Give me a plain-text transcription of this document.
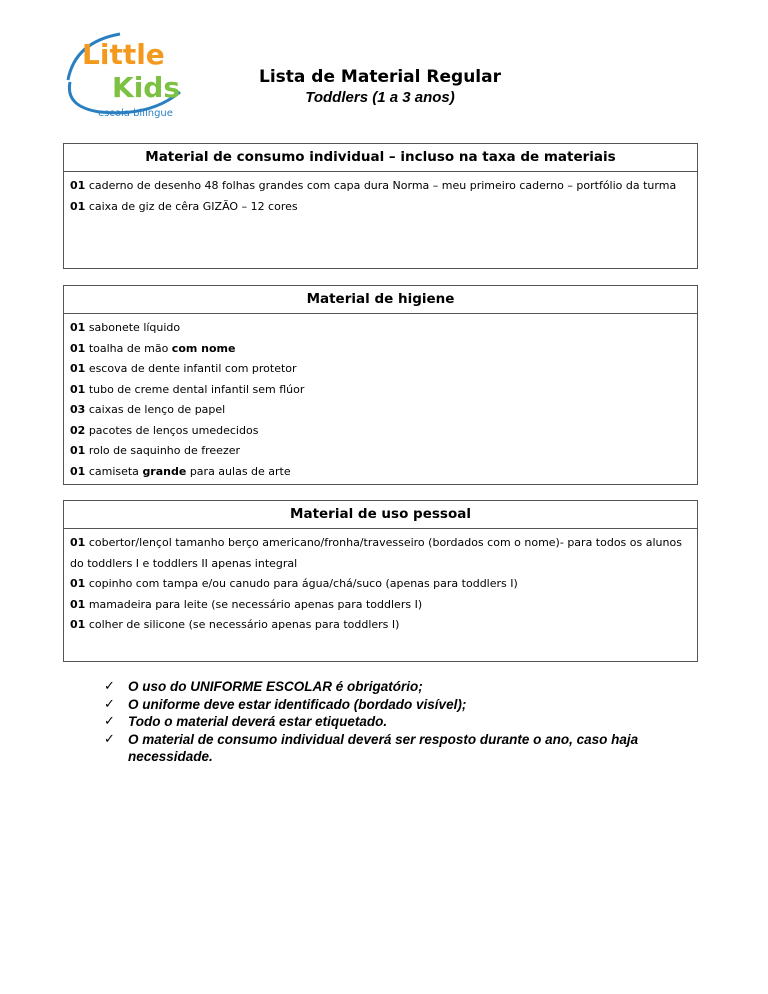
Little
Kids
escola bilingue

Lista de Material Regular

Toddlers (1 a 3 anos)

Material de consumo individual – incluso na taxa de materiais
01 caderno de desenho 48 folhas grandes com capa dura Norma – meu primeiro caderno – portfólio da turma
01 caixa de giz de cêra GIZÃO – 12 cores
Material de higiene
01 sabonete líquido
01 toalha de mão com nome
01 escova de dente infantil com protetor
01 tubo de creme dental infantil sem flúor
03 caixas de lenço de papel
02 pacotes de lenços umedecidos
01 rolo de saquinho de freezer
01 camiseta grande para aulas de arte
Material de uso pessoal
01 cobertor/lençol tamanho berço americano/fronha/travesseiro (bordados com o nome)- para todos os alunos do toddlers I e toddlers II apenas integral
01 copinho com tampa e/ou canudo para água/chá/suco (apenas para toddlers I)
01 mamadeira para leite (se necessário apenas para toddlers I)
01 colher de silicone (se necessário apenas para toddlers I)
✓ O uso do UNIFORME ESCOLAR é obrigatório;
✓ O uniforme deve estar identificado (bordado visível);
✓ Todo o material deverá estar etiquetado.
✓ O material de consumo individual deverá ser resposto durante o ano, caso haja necessidade.
